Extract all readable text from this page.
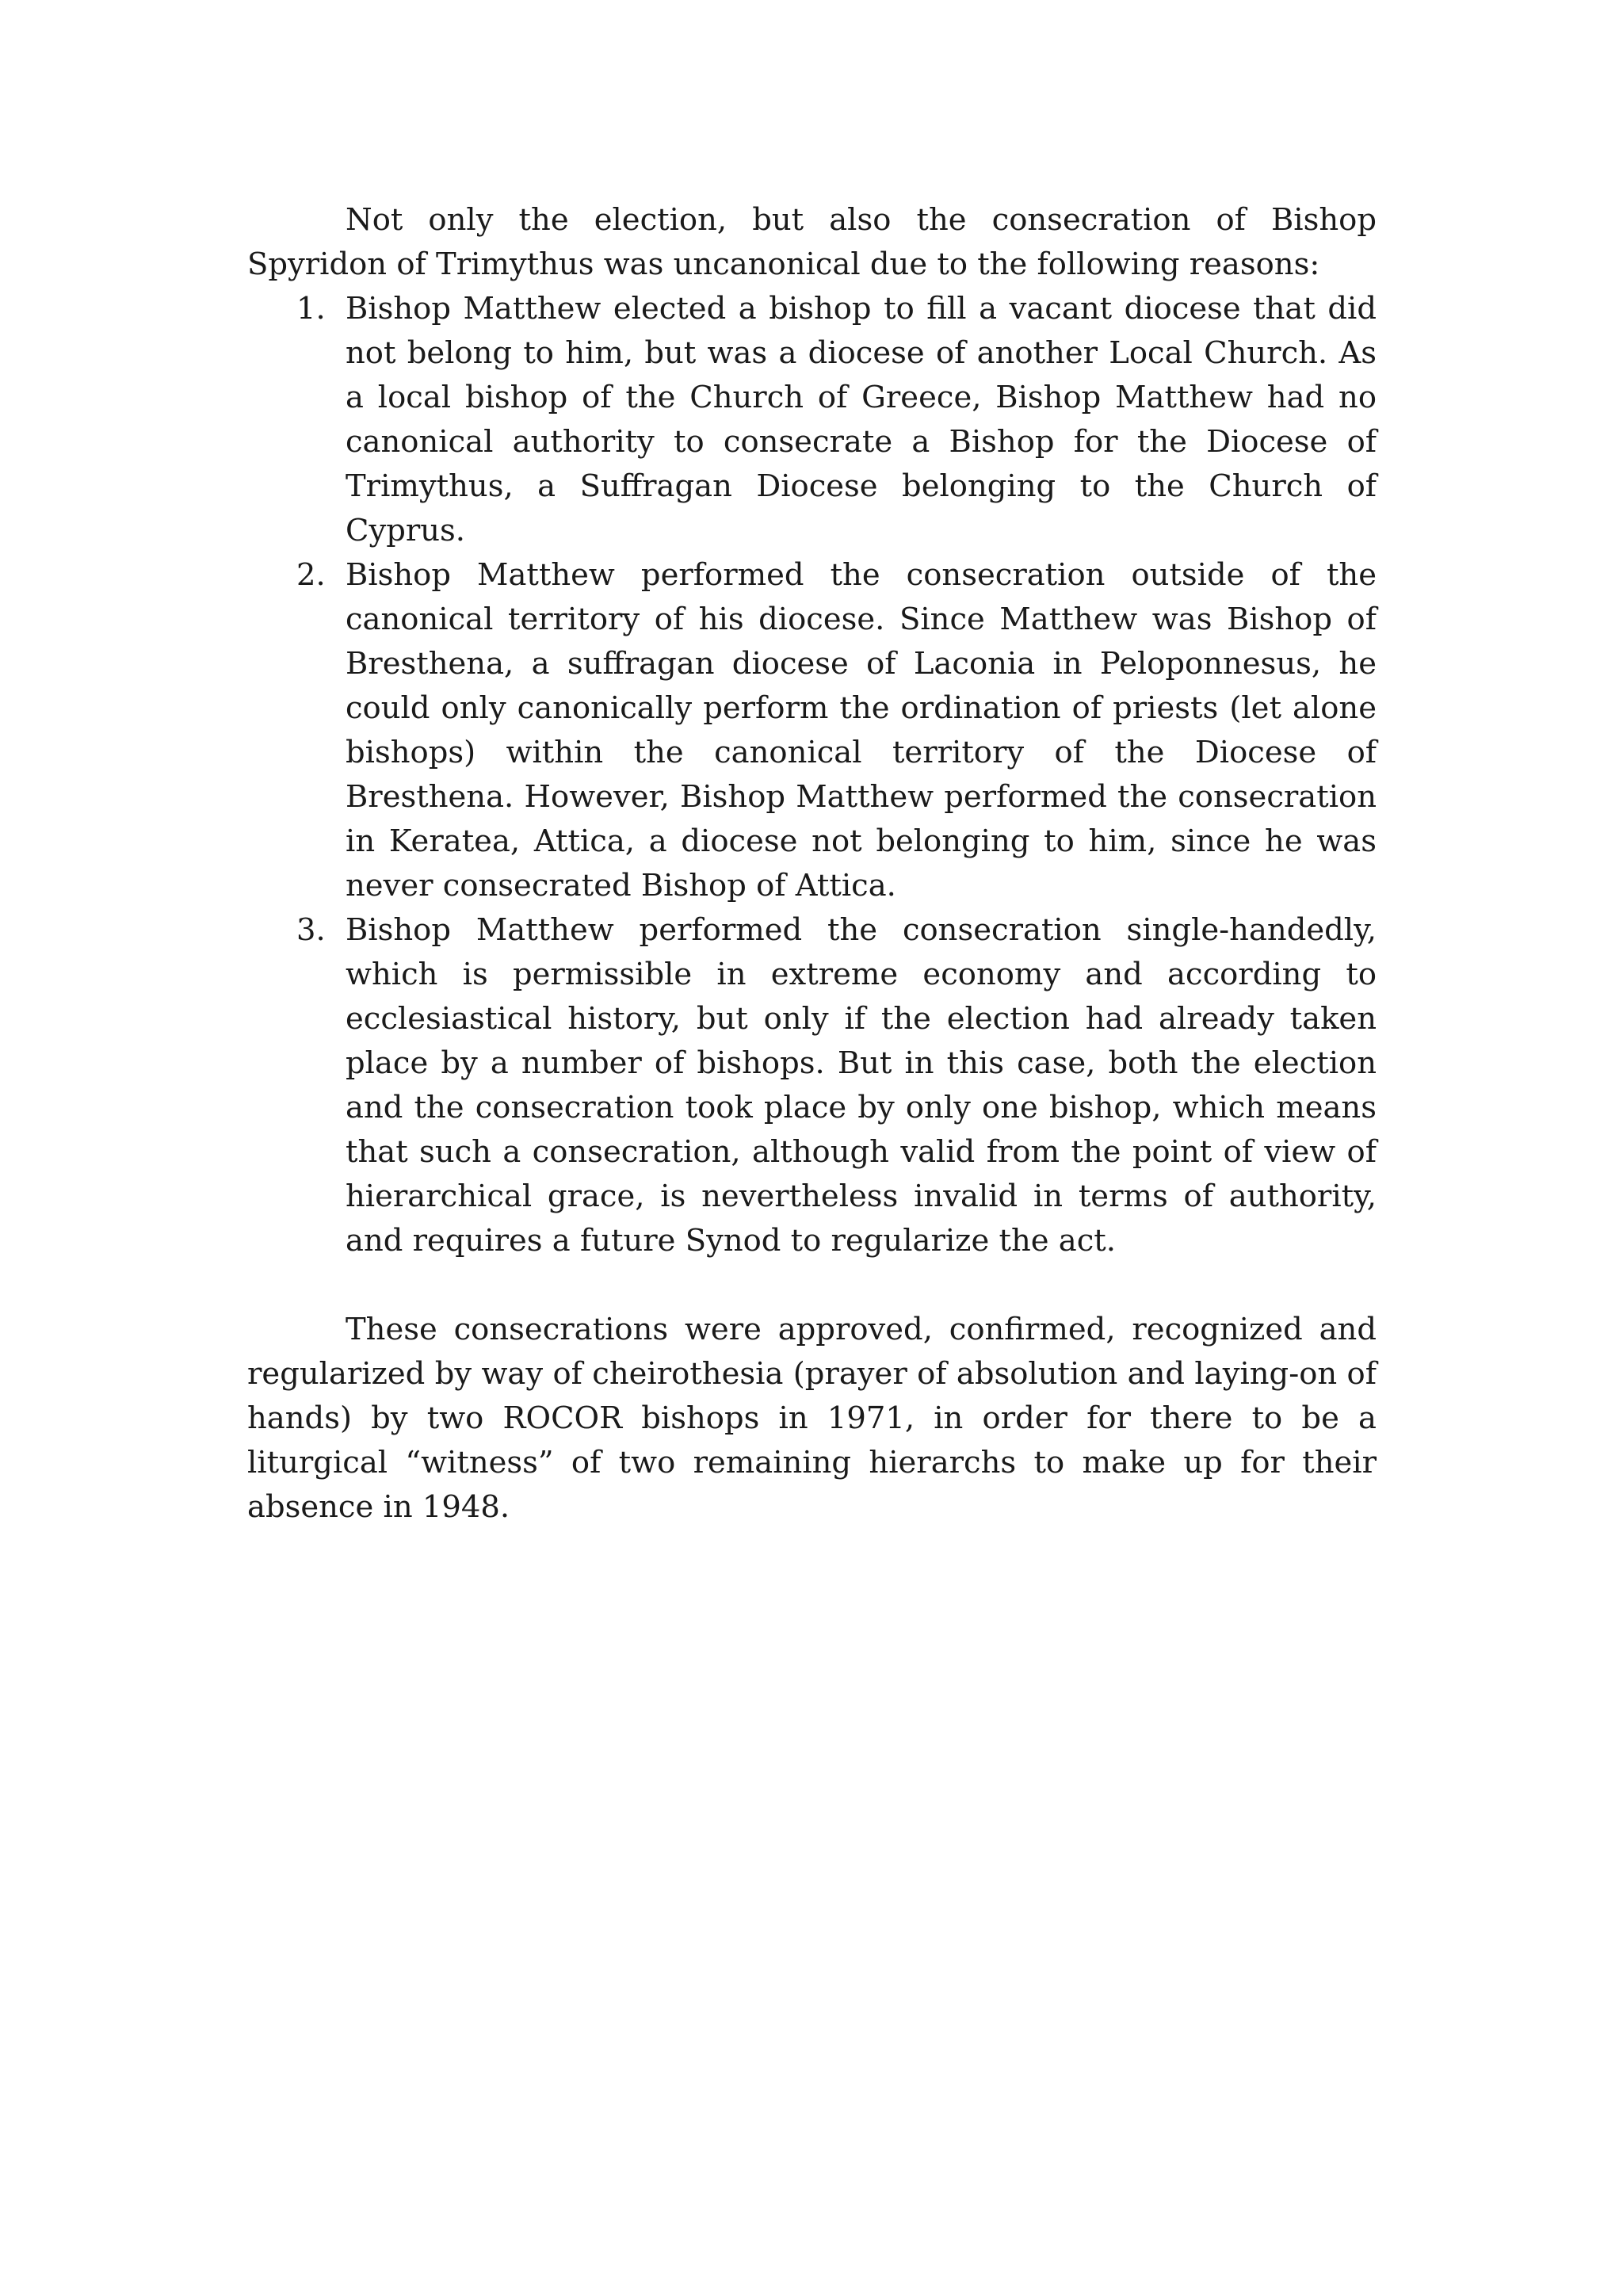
Not only the election, but also the consecration of Bishop Spyridon of Trimythus was uncanonical due to the following reasons:

1. Bishop Matthew elected a bishop to fill a vacant diocese that did not belong to him, but was a diocese of another Local Church. As a local bishop of the Church of Greece, Bishop Matthew had no canonical authority to consecrate a Bishop for the Diocese of Trimythus, a Suffragan Diocese belonging to the Church of Cyprus.
2. Bishop Matthew performed the consecration outside of the canonical territory of his diocese. Since Matthew was Bishop of Bresthena, a suffragan diocese of Laconia in Peloponnesus, he could only canonically perform the ordination of priests (let alone bishops) within the canonical territory of the Diocese of Bresthena. However, Bishop Matthew performed the consecration in Keratea, Attica, a diocese not belonging to him, since he was never consecrated Bishop of Attica.
3. Bishop Matthew performed the consecration single-handedly, which is permissible in extreme economy and according to ecclesiastical history, but only if the election had already taken place by a number of bishops. But in this case, both the election and the consecration took place by only one bishop, which means that such a consecration, although valid from the point of view of hierarchical grace, is nevertheless invalid in terms of authority, and requires a future Synod to regularize the act.

These consecrations were approved, confirmed, recognized and regularized by way of cheirothesia (prayer of absolution and laying-on of hands) by two ROCOR bishops in 1971, in order for there to be a liturgical “witness” of two remaining hierarchs to make up for their absence in 1948.
